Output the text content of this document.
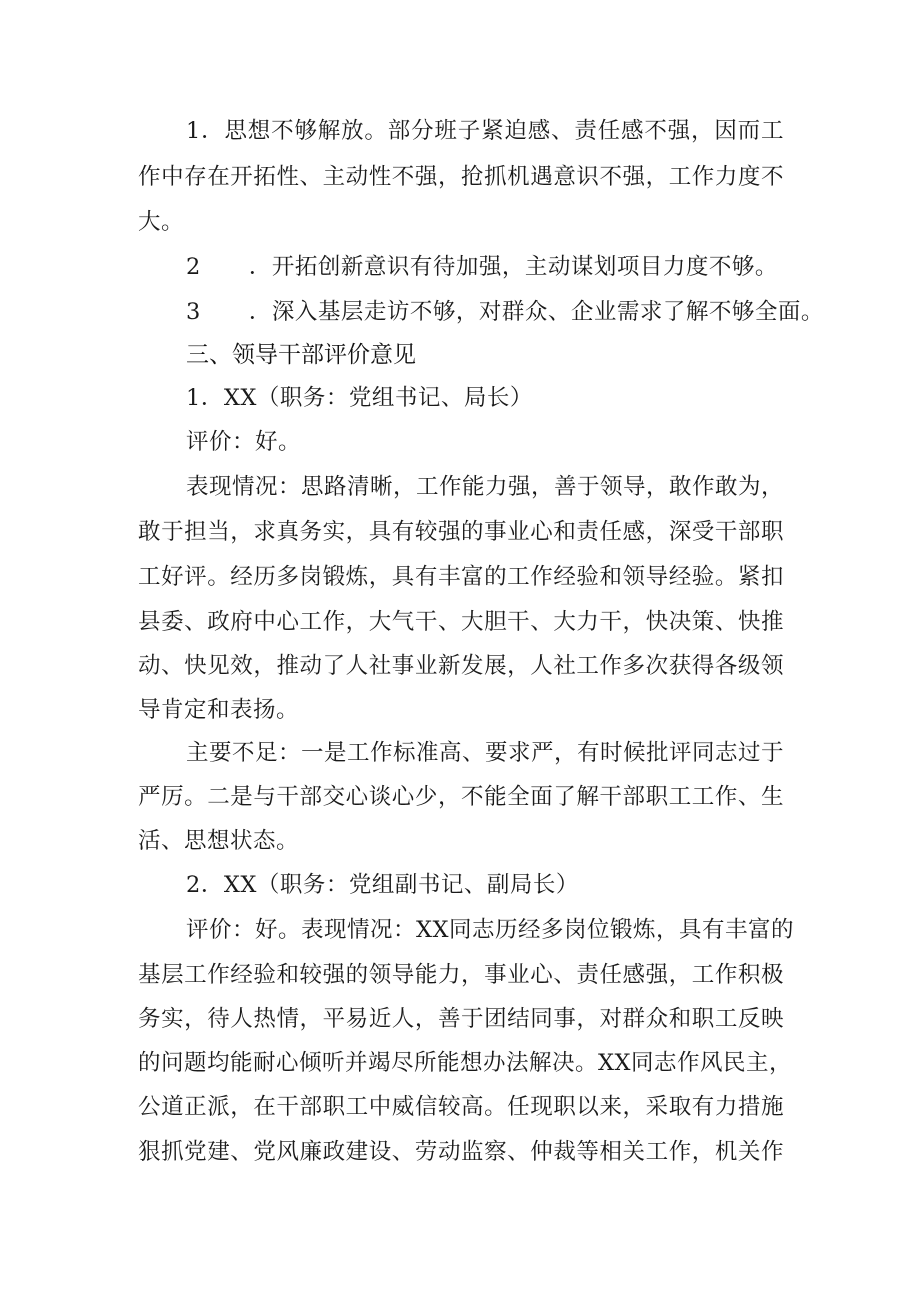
1．思想不够解放。部分班子紧迫感、责任感不强，因而工
作中存在开拓性、主动性不强，抢抓机遇意识不强，工作力度不
大。
2 ．开拓创新意识有待加强，主动谋划项目力度不够。
3 ．深入基层走访不够，对群众、企业需求了解不够全面。
三、领导干部评价意见
1．XX（职务：党组书记、局长）
评价：好。
表现情况：思路清晰，工作能力强，善于领导，敢作敢为，
敢于担当，求真务实，具有较强的事业心和责任感，深受干部职
工好评。经历多岗锻炼，具有丰富的工作经验和领导经验。紧扣
县委、政府中心工作，大气干、大胆干、大力干，快决策、快推
动、快见效，推动了人社事业新发展，人社工作多次获得各级领
导肯定和表扬。
主要不足：一是工作标准高、要求严，有时候批评同志过于
严厉。二是与干部交心谈心少，不能全面了解干部职工工作、生
活、思想状态。
2．XX（职务：党组副书记、副局长）
评价：好。表现情况：XX同志历经多岗位锻炼，具有丰富的
基层工作经验和较强的领导能力，事业心、责任感强，工作积极
务实，待人热情，平易近人，善于团结同事，对群众和职工反映
的问题均能耐心倾听并竭尽所能想办法解决。XX同志作风民主，
公道正派，在干部职工中威信较高。任现职以来，采取有力措施
狠抓党建、党风廉政建设、劳动监察、仲裁等相关工作，机关作
